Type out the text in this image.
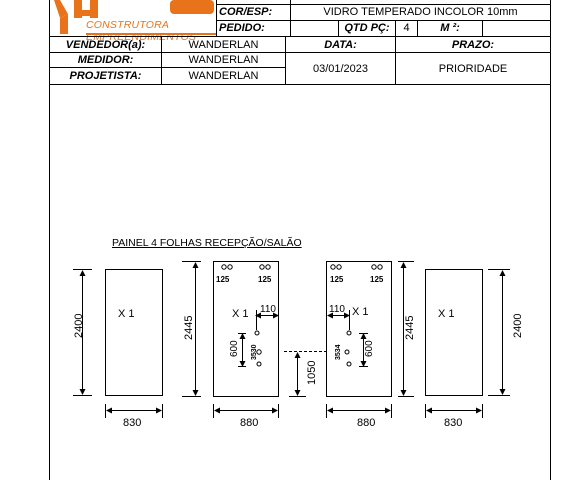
CONSTRUTORA EMPREENDIMENTOS
COR/ESP:	VIDRO TEMPERADO INCOLOR 10mm
PEDIDO:	QTD PÇ:	4	M ²:
VENDEDOR(a):	WANDERLAN	DATA:	PRAZO:
MEDIDOR:	WANDERLAN
PROJETISTA:	WANDERLAN
03/01/2023	PRIORIDADE
PAINEL 4 FOLHAS RECEPÇÃO/SALÃO
X 1
2400
830
X 1
2445
880
125	125
110
600 3530
1050
X 1
2445
880
125	125
110
600
3534
X 1	2400
830
